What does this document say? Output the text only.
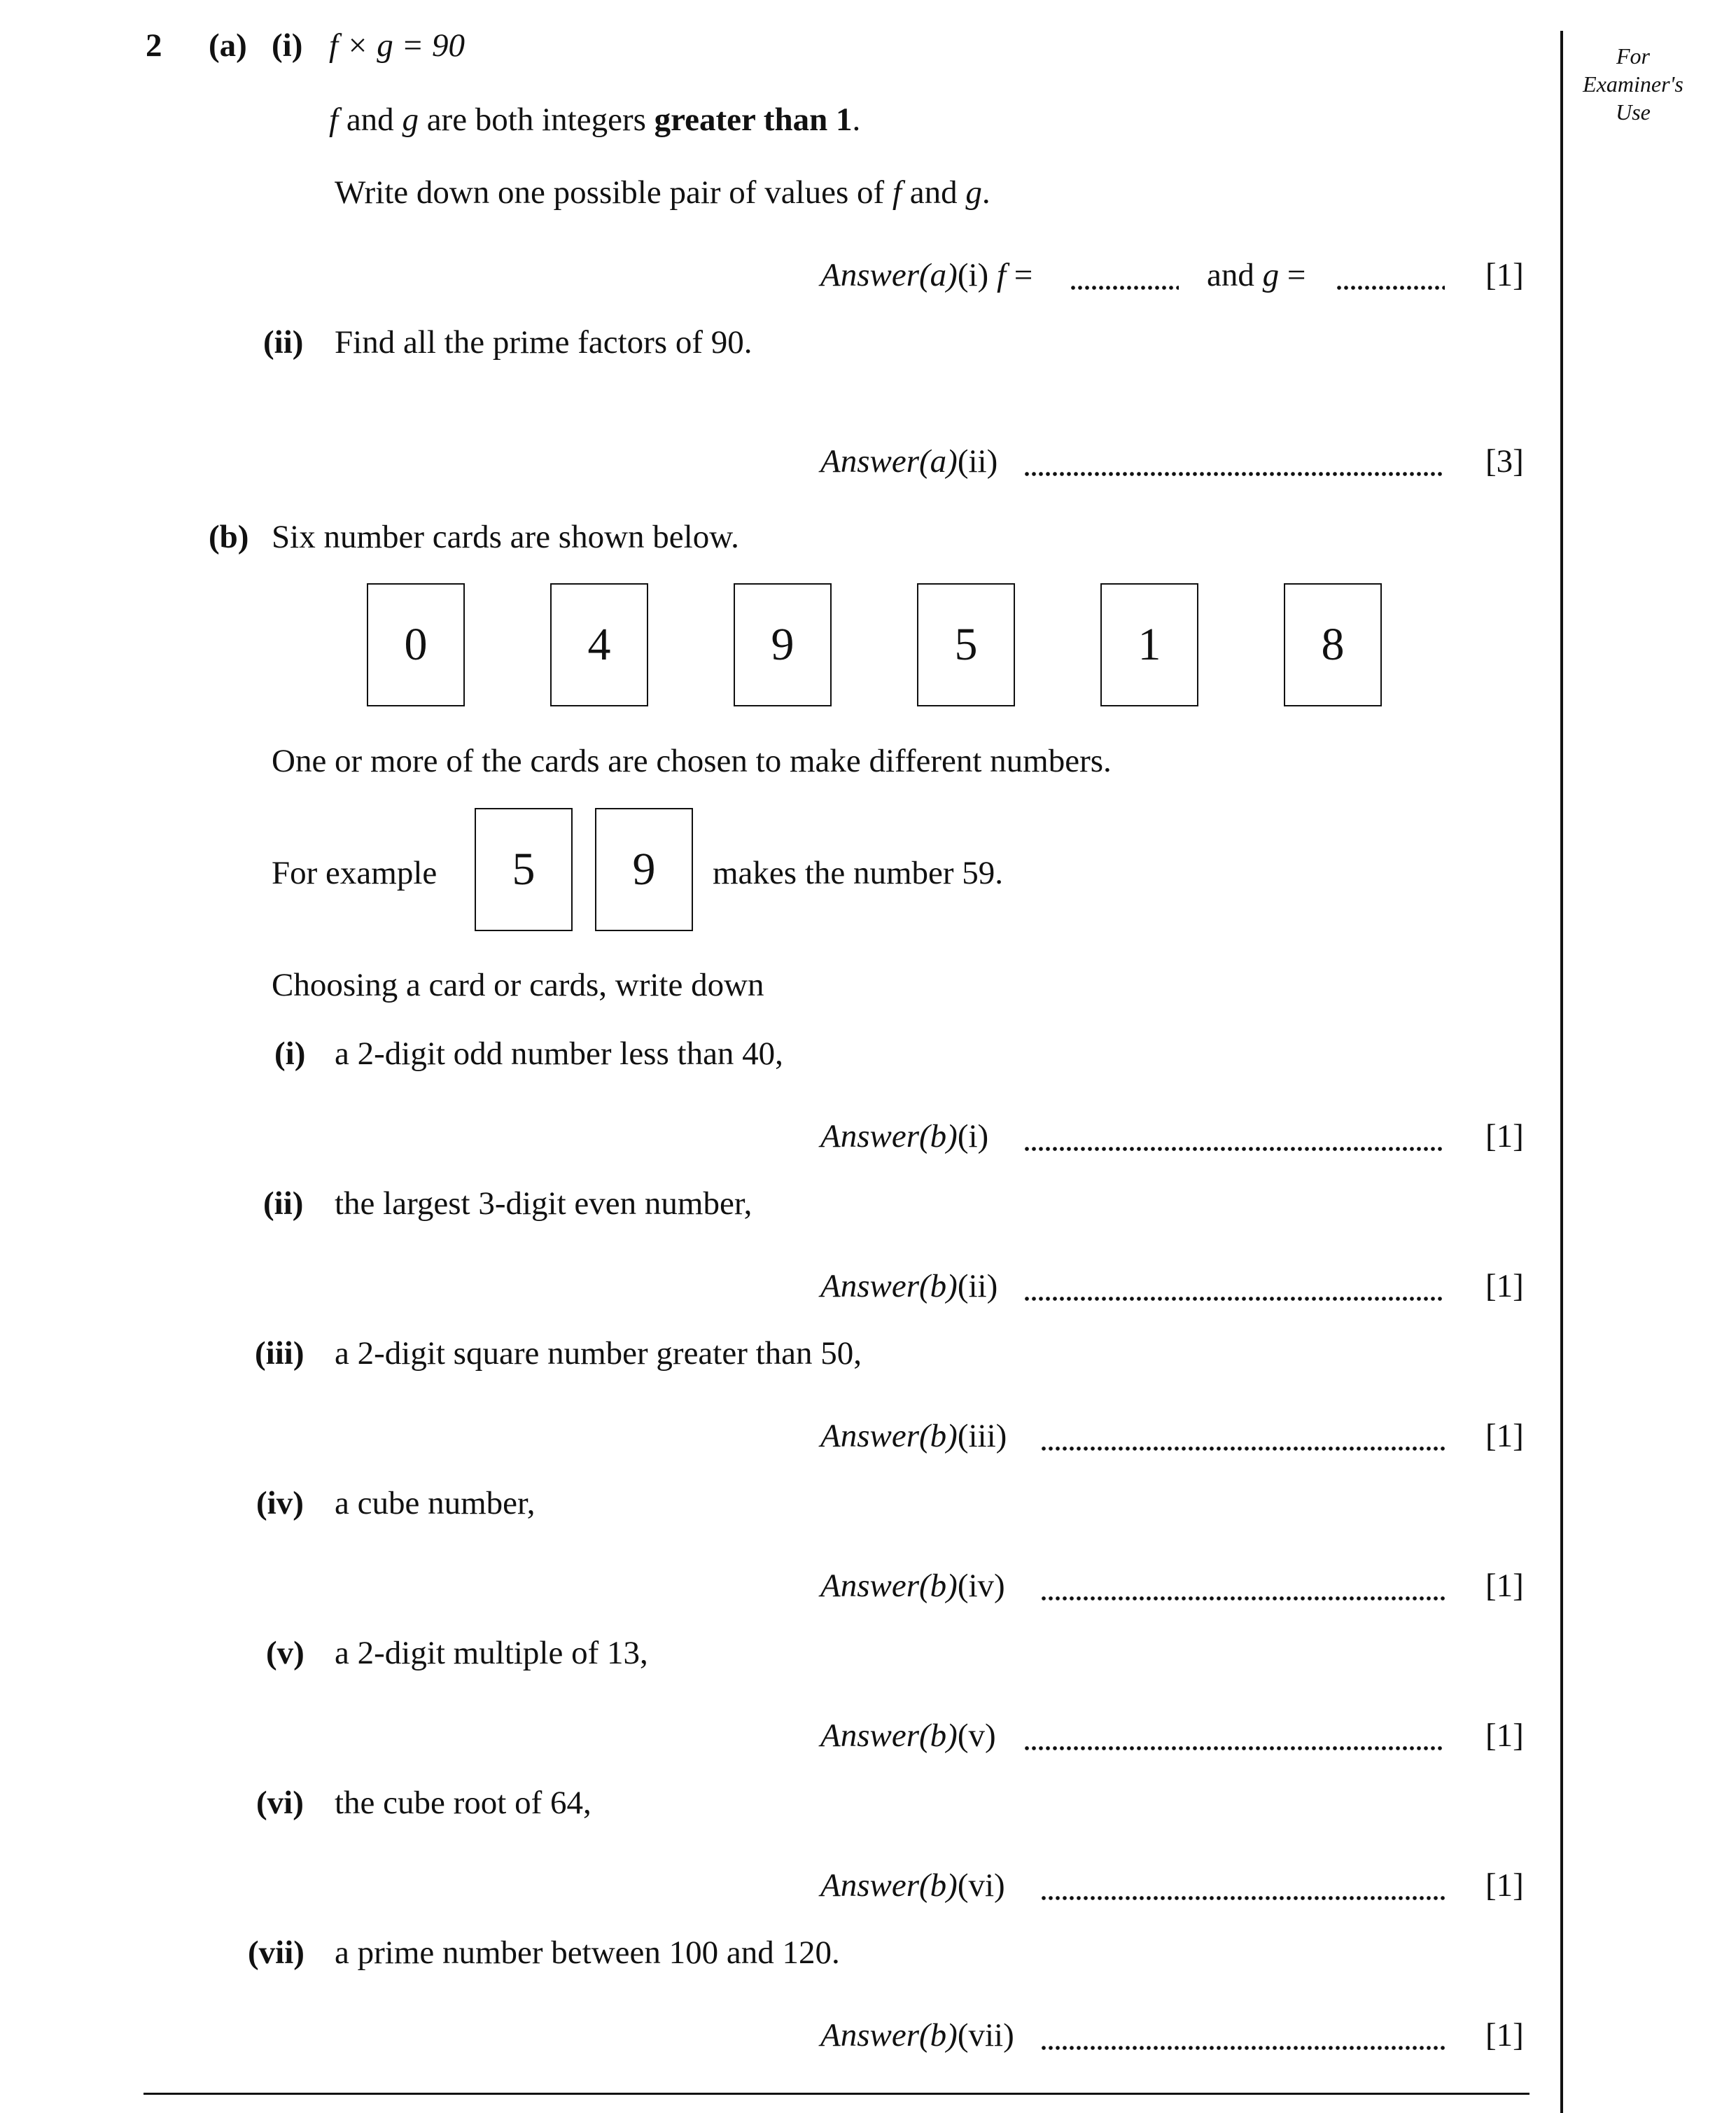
For
Examiner's
Use
2 (a) (i) f × g = 90
f and g are both integers greater than 1.
Write down one possible pair of values of f and g.
Answer(a)(i) f =	and g =	[1]
(ii) Find all the prime factors of 90.
Answer(a)(ii)	[3]
(b) Six number cards are shown below.
0	4	9	5	1	8
One or more of the cards are chosen to make different numbers.
For example 5 9 makes the number 59.
Choosing a card or cards, write down
(i) a 2-digit odd number less than 40,
Answer(b)(i)	[1]
(ii) the largest 3-digit even number,
Answer(b)(ii)	[1]
(iii) a 2-digit square number greater than 50,
Answer(b)(iii)	[1]
(iv) a cube number,
Answer(b)(iv)	[1]
(v) a 2-digit multiple of 13,
Answer(b)(v)	[1]
(vi) the cube root of 64,
Answer(b)(vi)	[1]
(vii) a prime number between 100 and 120.
Answer(b)(vii)	[1]
